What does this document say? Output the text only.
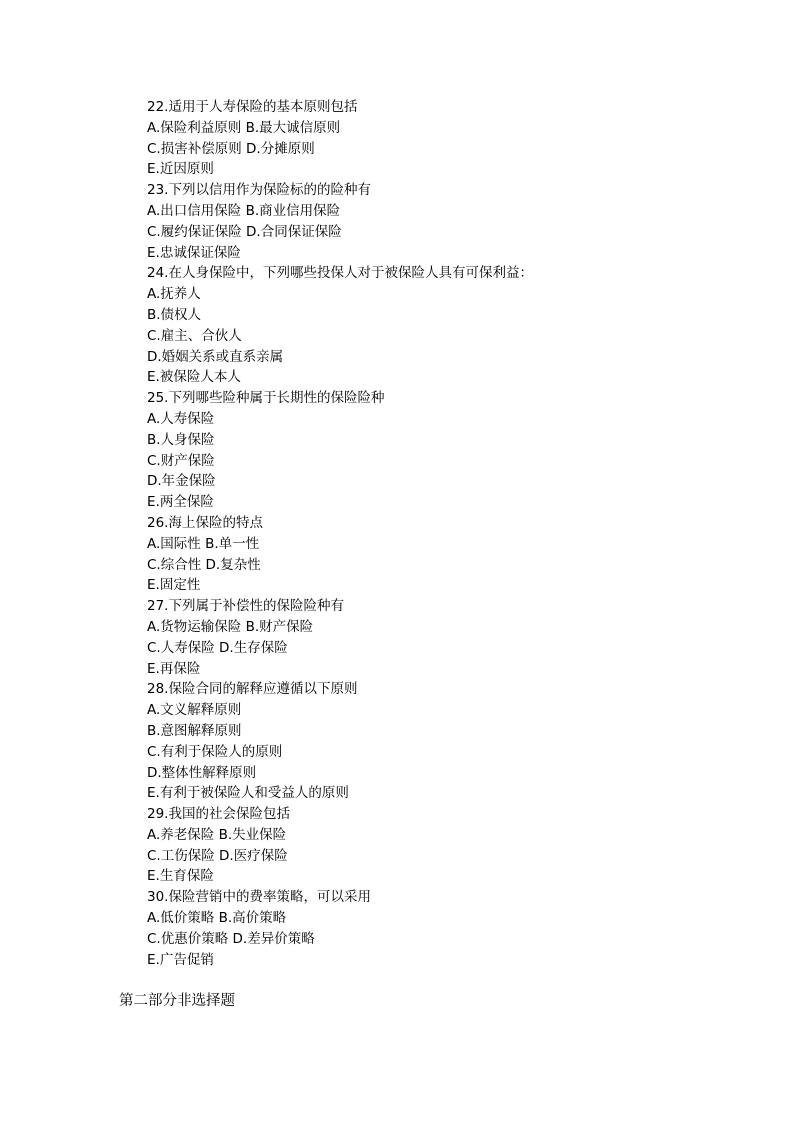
22.适用于人寿保险的基本原则包括
A.保险利益原则 B.最大诚信原则
C.损害补偿原则 D.分摊原则
E.近因原则
23.下列以信用作为保险标的的险种有
A.出口信用保险 B.商业信用保险
C.履约保证保险 D.合同保证保险
E.忠诚保证保险
24.在人身保险中，下列哪些投保人对于被保险人具有可保利益：
A.抚养人
B.债权人
C.雇主、合伙人
D.婚姻关系或直系亲属
E.被保险人本人
25.下列哪些险种属于长期性的保险险种
A.人寿保险
B.人身保险
C.财产保险
D.年金保险
E.两全保险
26.海上保险的特点
A.国际性 B.单一性
C.综合性 D.复杂性
E.固定性
27.下列属于补偿性的保险险种有
A.货物运输保险 B.财产保险
C.人寿保险 D.生存保险
E.再保险
28.保险合同的解释应遵循以下原则
A.文义解释原则
B.意图解释原则
C.有利于保险人的原则
D.整体性解释原则
E.有利于被保险人和受益人的原则
29.我国的社会保险包括
A.养老保险 B.失业保险
C.工伤保险 D.医疗保险
E.生育保险
30.保险营销中的费率策略，可以采用
A.低价策略 B.高价策略
C.优惠价策略 D.差异价策略
E.广告促销
第二部分非选择题
